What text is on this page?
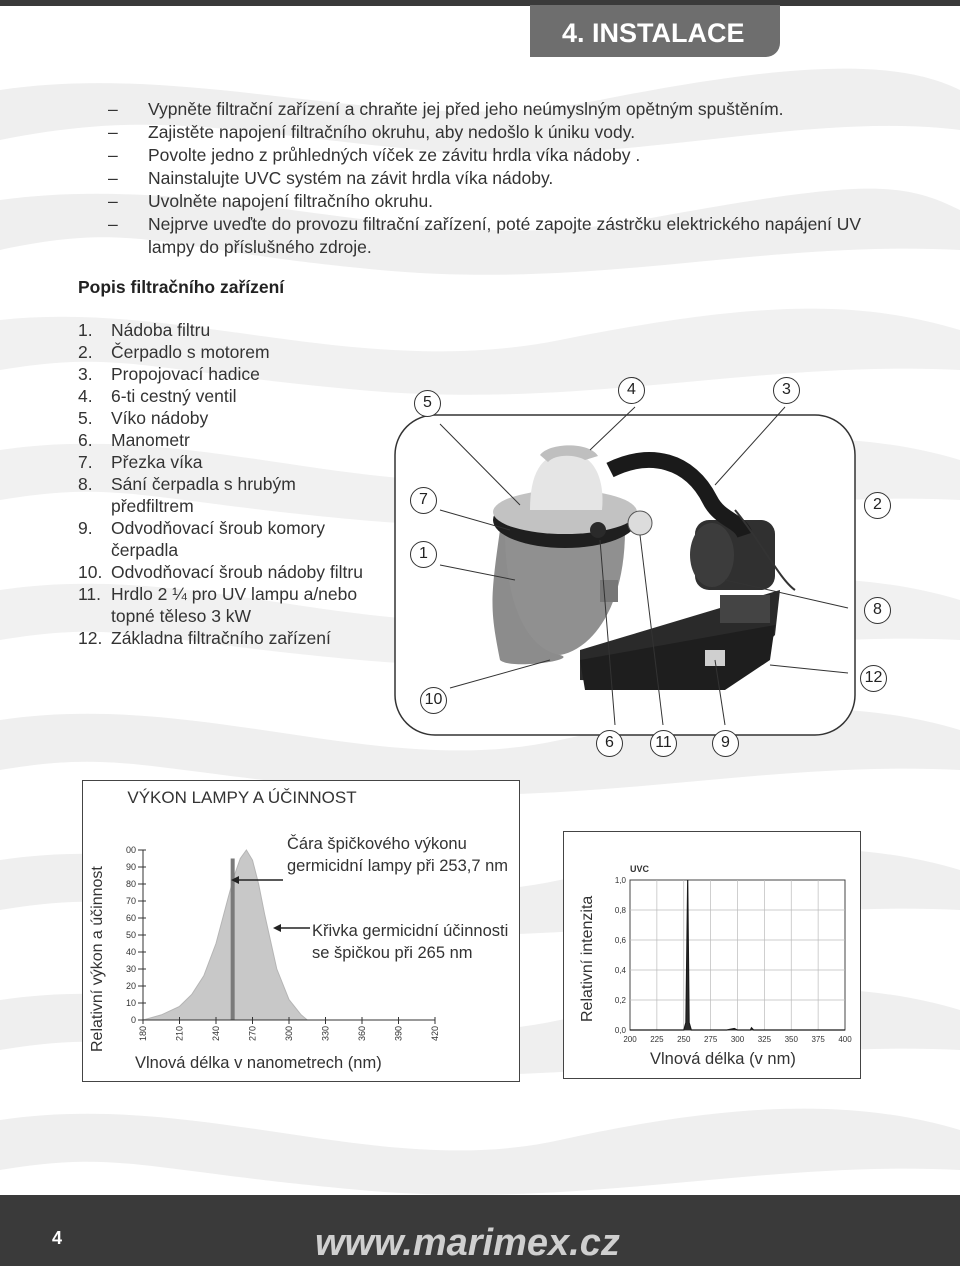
4. INSTALACE
– Vypněte filtrační zařízení a chraňte jej před jeho neúmyslným opětným spuštěním.
– Zajistěte napojení filtračního okruhu, aby nedošlo k úniku vody.
– Povolte jedno z průhledných víček ze závitu hrdla víka nádoby .
– Nainstalujte UVC systém na závit hrdla víka nádoby.
– Uvolněte napojení filtračního okruhu.
– Nejprve uveďte do provozu filtrační zařízení, poté zapojte zástrčku elektrického napájení UV lampy do příslušného zdroje.
Popis filtračního zařízení
1. Nádoba filtru
2. Čerpadlo s motorem
3. Propojovací hadice
4. 6-ti cestný ventil
5. Víko nádoby
6. Manometr
7. Přezka víka
8. Sání čerpadla s hrubým předfiltrem
9. Odvodňovací šroub komory čerpadla
10. Odvodňovací šroub nádoby filtru
11. Hrdlo 2 ¼ pro UV lampu a/nebo topné těleso 3 kW
12. Základna filtračního zařízení
5
4	3
7	2
1
8
12
10
6	11	9
VÝKON LAMPY A ÚČINNOST
Relativní výkon a účinnost	0
10
20
30
40
50
60
70
80
90
00
180	210	240	270	300	330	360	390	420
Vlnová délka v nanometrech (nm)
Čára špičkového výkonu germicidní lampy při 253,7 nm
Křivka germicidní účinnosti se špičkou při 265 nm	Relativní intenzita
UVC
0,0
0,2
0,4
0,6
0,8
1,0
200 225 250 275 300 325 350 375 400
Vlnová délka (v nm)
4	www.marimex.cz
